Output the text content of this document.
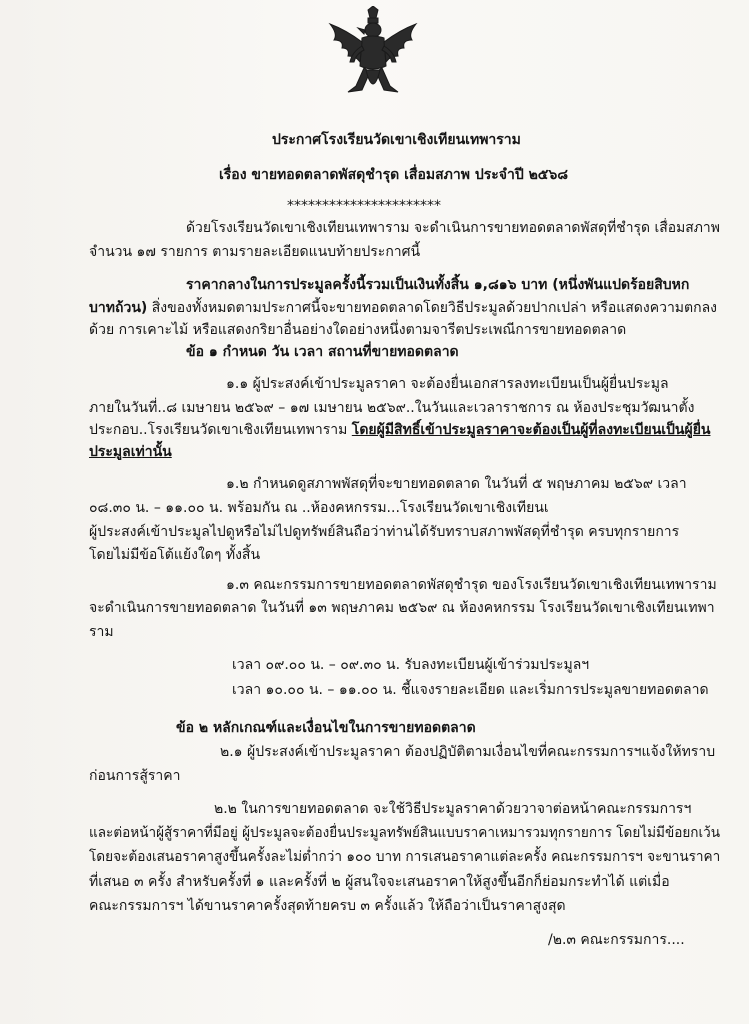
ประกาศโรงเรียนวัดเขาเชิงเทียนเทพาราม
เรื่อง ขายทอดตลาดพัสดุชำรุด เสื่อมสภาพ ประจำปี ๒๕๖๘
**********************
ด้วยโรงเรียนวัดเขาเชิงเทียนเทพาราม จะดำเนินการขายทอดตลาดพัสดุที่ชำรุด เสื่อมสภาพ
จำนวน ๑๗ รายการ ตามรายละเอียดแนบท้ายประกาศนี้
ราคากลางในการประมูลครั้งนี้รวมเป็นเงินทั้งสิ้น ๑,๘๑๖ บาท (หนึ่งพันแปดร้อยสิบหก
บาทถ้วน) สิ่งของทั้งหมดตามประกาศนี้จะขายทอดตลาดโดยวิธีประมูลด้วยปากเปล่า หรือแสดงความตกลง
ด้วย การเคาะไม้ หรือแสดงกริยาอื่นอย่างใดอย่างหนึ่งตามจารีตประเพณีการขายทอดตลาด
ข้อ ๑ กำหนด วัน เวลา สถานที่ขายทอดตลาด
๑.๑ ผู้ประสงค์เข้าประมูลราคา จะต้องยื่นเอกสารลงทะเบียนเป็นผู้ยื่นประมูล
ภายในวันที่..๘ เมษายน ๒๕๖๙ – ๑๗ เมษายน ๒๕๖๙..ในวันและเวลาราชการ ณ ห้องประชุมวัฒนาตั้ง
ประกอบ..โรงเรียนวัดเขาเชิงเทียนเทพาราม โดยผู้มีสิทธิ์เข้าประมูลราคาจะต้องเป็นผู้ที่ลงทะเบียนเป็นผู้ยื่น
ประมูลเท่านั้น
๑.๒ กำหนดดูสภาพพัสดุที่จะขายทอดตลาด ในวันที่ ๕ พฤษภาคม ๒๕๖๙ เวลา
๐๘.๓๐ น. – ๑๑.๐๐ น. พร้อมกัน ณ ..ห้องคหกรรม...โรงเรียนวัดเขาเชิงเทียนเ
ผู้ประสงค์เข้าประมูลไปดูหรือไม่ไปดูทรัพย์สินถือว่าท่านได้รับทราบสภาพพัสดุที่ชำรุด ครบทุกรายการ
โดยไม่มีข้อโต้แย้งใดๆ ทั้งสิ้น
๑.๓ คณะกรรมการขายทอดตลาดพัสดุชำรุด ของโรงเรียนวัดเขาเชิงเทียนเทพาราม
จะดำเนินการขายทอดตลาด ในวันที่ ๑๓ พฤษภาคม ๒๕๖๙ ณ ห้องคหกรรม โรงเรียนวัดเขาเชิงเทียนเทพา
ราม
เวลา ๐๙.๐๐ น. – ๐๙.๓๐ น. รับลงทะเบียนผู้เข้าร่วมประมูลฯ
เวลา ๑๐.๐๐ น. – ๑๑.๐๐ น. ชี้แจงรายละเอียด และเริ่มการประมูลขายทอดตลาด
ข้อ ๒ หลักเกณฑ์และเงื่อนไขในการขายทอดตลาด
๒.๑ ผู้ประสงค์เข้าประมูลราคา ต้องปฏิบัติตามเงื่อนไขที่คณะกรรมการฯแจ้งให้ทราบ
ก่อนการสู้ราคา
๒.๒ ในการขายทอดตลาด จะใช้วิธีประมูลราคาด้วยวาจาต่อหน้าคณะกรรมการฯ
และต่อหน้าผู้สู้ราคาที่มีอยู่ ผู้ประมูลจะต้องยื่นประมูลทรัพย์สินแบบราคาเหมารวมทุกรายการ โดยไม่มีข้อยกเว้น
โดยจะต้องเสนอราคาสูงขึ้นครั้งละไม่ต่ำกว่า ๑๐๐ บาท การเสนอราคาแต่ละครั้ง คณะกรรมการฯ จะขานราคา
ที่เสนอ ๓ ครั้ง สำหรับครั้งที่ ๑ และครั้งที่ ๒ ผู้สนใจจะเสนอราคาให้สูงขึ้นอีกก็ย่อมกระทำได้ แต่เมื่อ
คณะกรรมการฯ ได้ขานราคาครั้งสุดท้ายครบ ๓ ครั้งแล้ว ให้ถือว่าเป็นราคาสูงสุด
/๒.๓ คณะกรรมการ....
